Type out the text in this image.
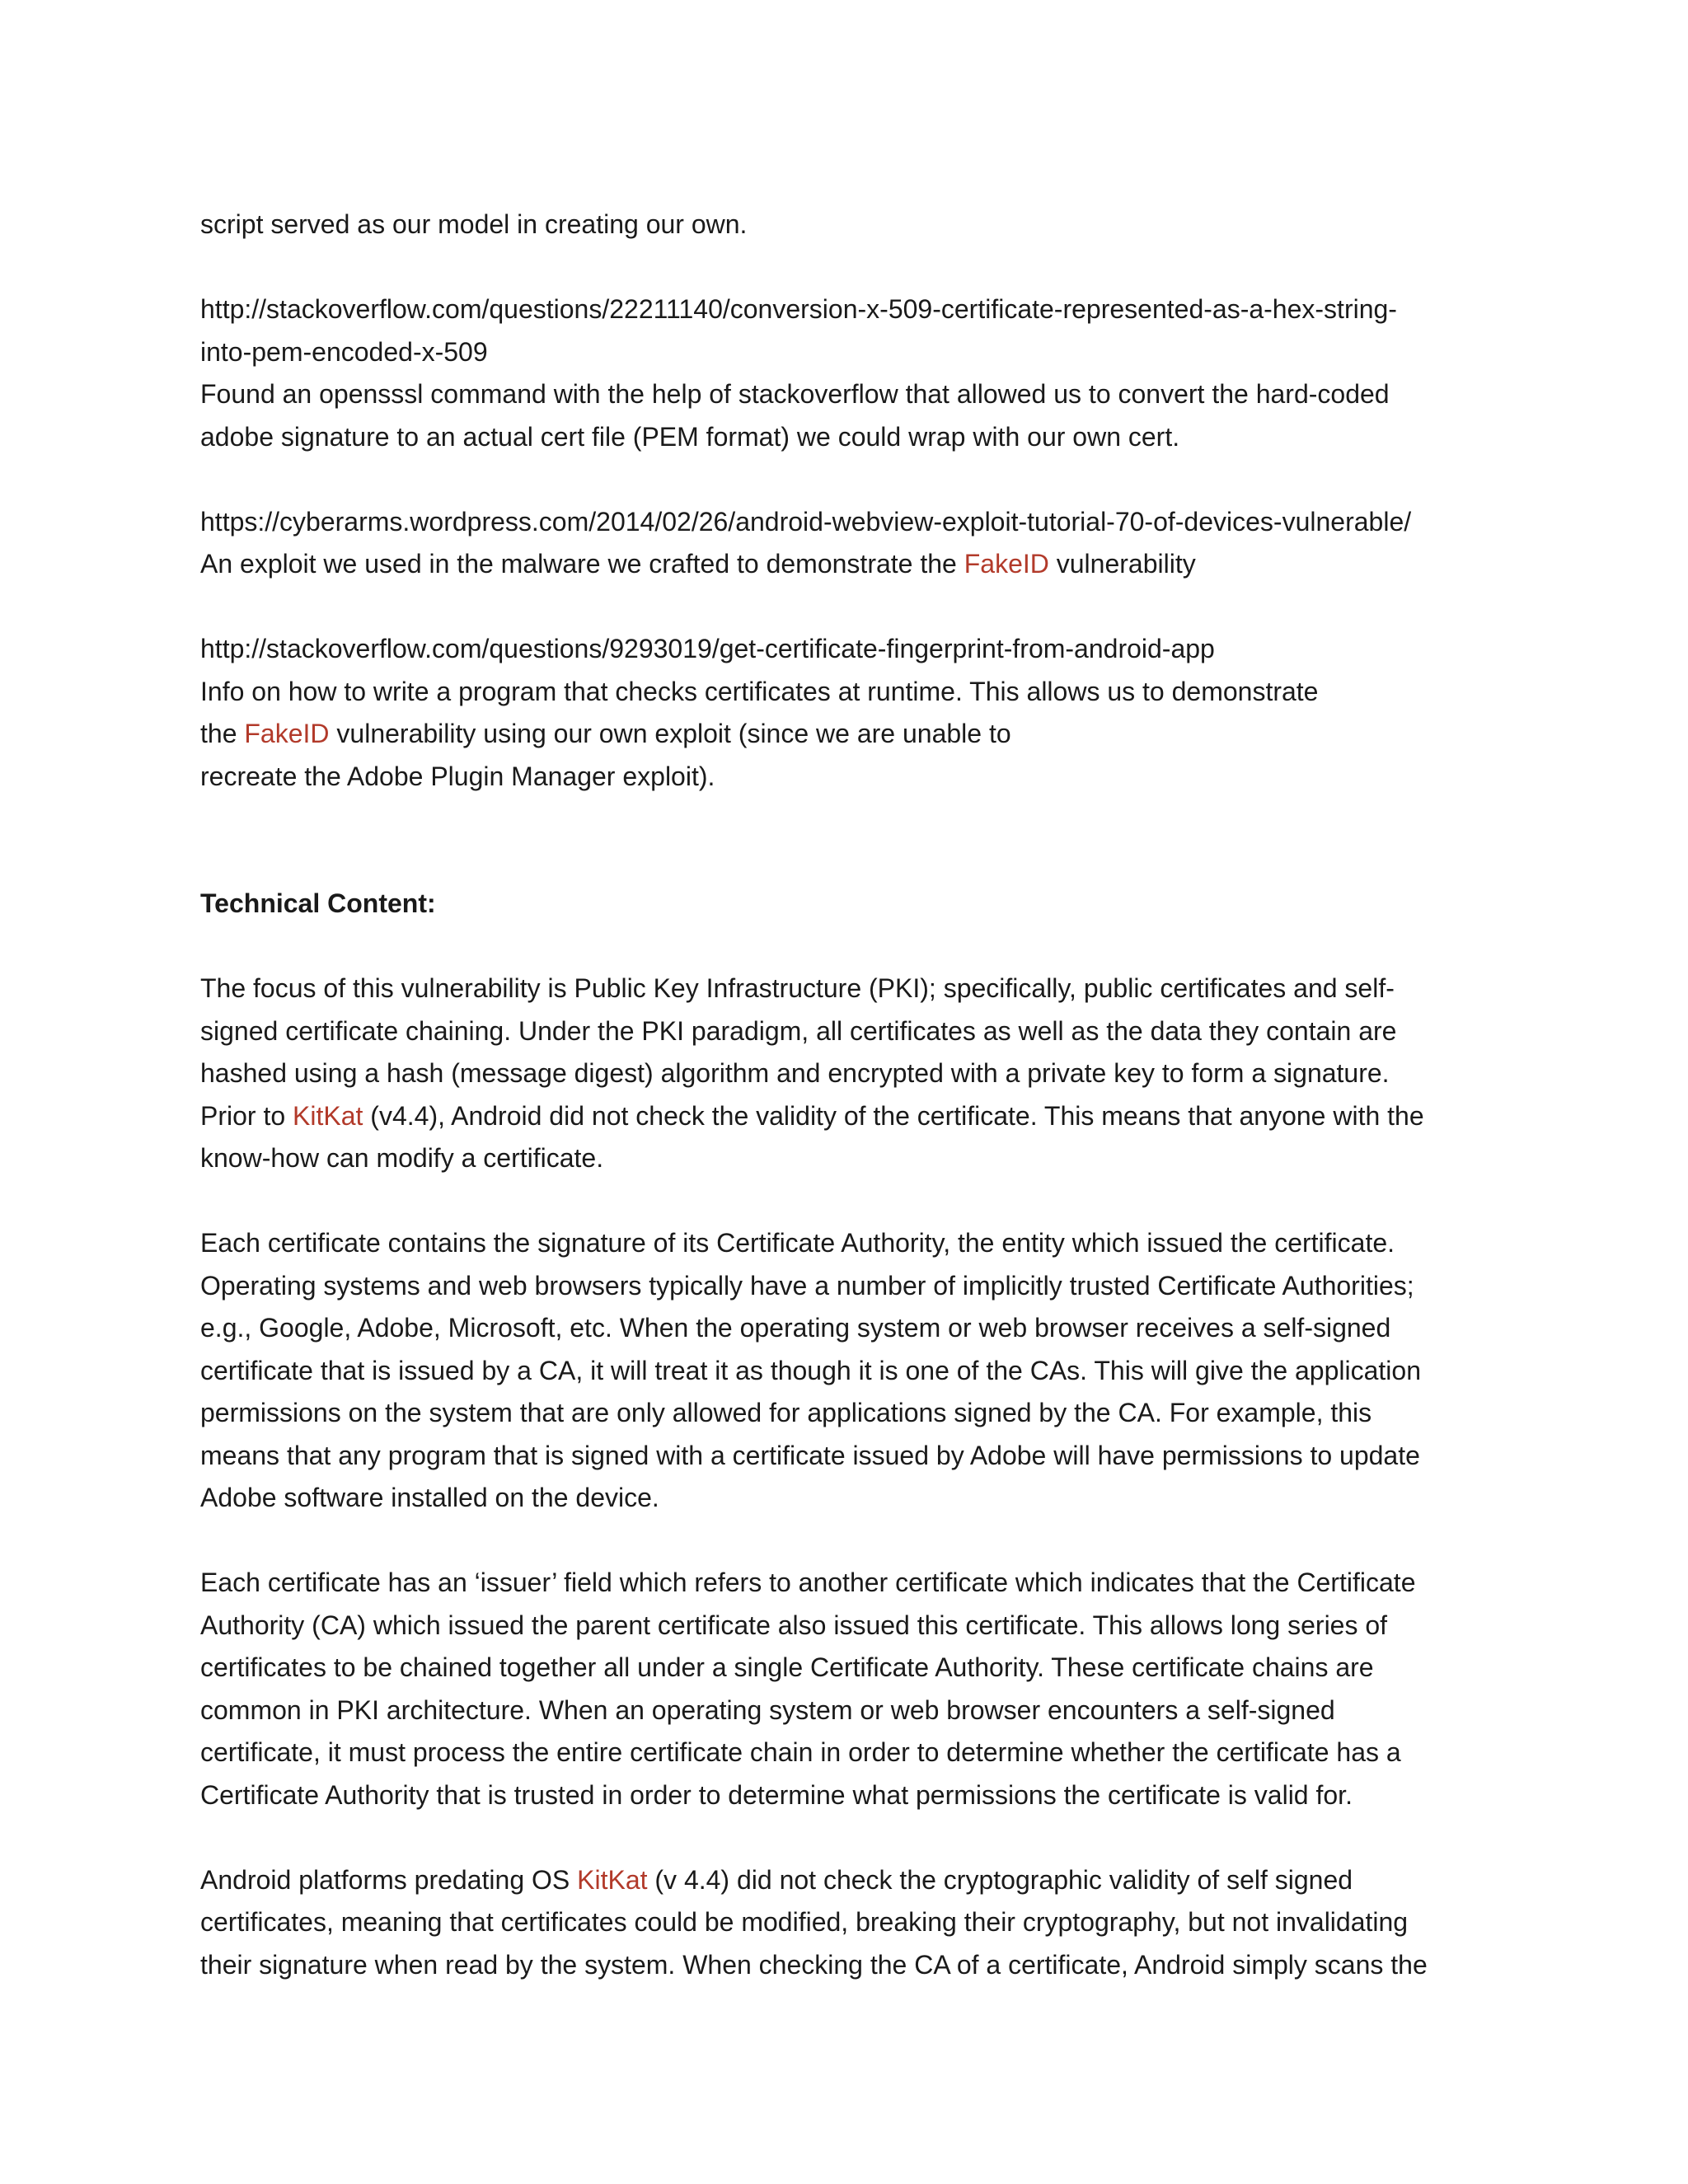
script served as our model in creating our own.
http://stackoverflow.com/questions/22211140/conversion-x-509-certificate-represented-as-a-hex-string-
into-pem-encoded-x-509
Found an opensssl command with the help of stackoverflow that allowed us to convert the hard-coded
adobe signature to an actual cert file (PEM format) we could wrap with our own cert.
https://cyberarms.wordpress.com/2014/02/26/android-webview-exploit-tutorial-70-of-devices-vulnerable/
An exploit we used in the malware we crafted to demonstrate the FakeID vulnerability
http://stackoverflow.com/questions/9293019/get-certificate-fingerprint-from-android-app
Info on how to write a program that checks certificates at runtime. This allows us to demonstrate
the FakeID vulnerability using our own exploit (since we are unable to
recreate the Adobe Plugin Manager exploit).
Technical Content:
The focus of this vulnerability is Public Key Infrastructure (PKI); specifically, public certificates and self-
signed certificate chaining. Under the PKI paradigm, all certificates as well as the data they contain are
hashed using a hash (message digest) algorithm and encrypted with a private key to form a signature.
Prior to KitKat (v4.4), Android did not check the validity of the certificate. This means that anyone with the
know-how can modify a certificate.
Each certificate contains the signature of its Certificate Authority, the entity which issued the certificate.
Operating systems and web browsers typically have a number of implicitly trusted Certificate Authorities;
e.g., Google, Adobe, Microsoft, etc. When the operating system or web browser receives a self-signed
certificate that is issued by a CA, it will treat it as though it is one of the CAs. This will give the application
permissions on the system that are only allowed for applications signed by the CA. For example, this
means that any program that is signed with a certificate issued by Adobe will have permissions to update
Adobe software installed on the device.
Each certificate has an ‘issuer’ field which refers to another certificate which indicates that the Certificate
Authority (CA) which issued the parent certificate also issued this certificate. This allows long series of
certificates to be chained together all under a single Certificate Authority. These certificate chains are
common in PKI architecture. When an operating system or web browser encounters a self-signed
certificate, it must process the entire certificate chain in order to determine whether the certificate has a
Certificate Authority that is trusted in order to determine what permissions the certificate is valid for.
Android platforms predating OS KitKat (v 4.4) did not check the cryptographic validity of self signed
certificates, meaning that certificates could be modified, breaking their cryptography, but not invalidating
their signature when read by the system. When checking the CA of a certificate, Android simply scans the
